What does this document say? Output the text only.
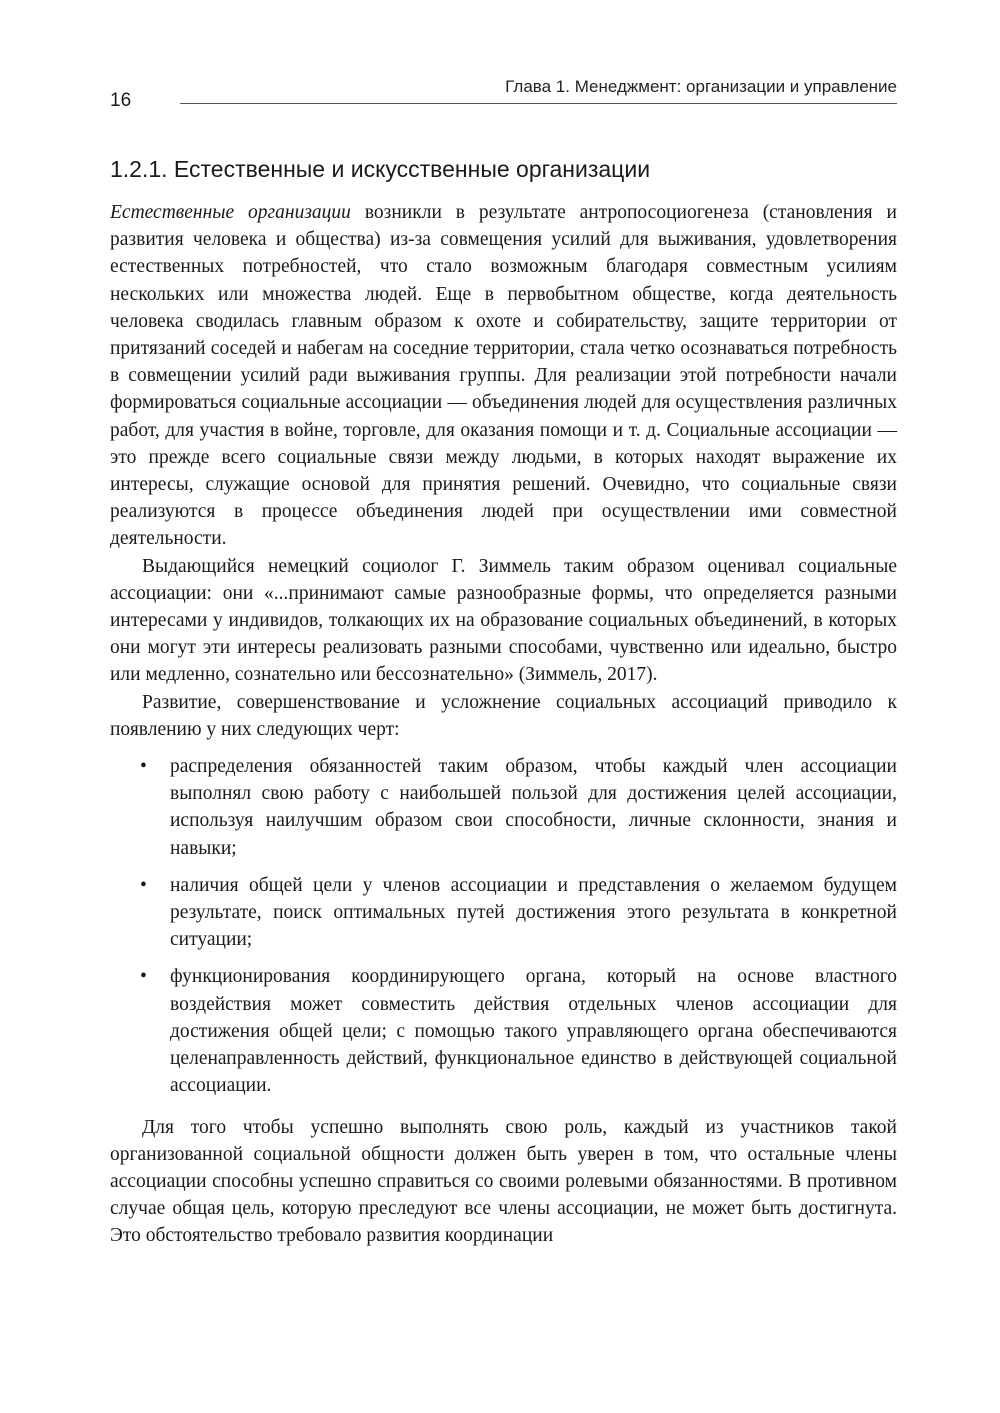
16
Глава 1. Менеджмент: организации и управление
1.2.1. Естественные и искусственные организации

Естественные организации возникли в результате антропосоциогенеза (становления и развития человека и общества) из-за совмещения усилий для выживания, удовлетворения естественных потребностей, что стало возможным благодаря совместным усилиям нескольких или множества людей. Еще в первобытном обществе, когда деятельность человека сводилась главным образом к охоте и собирательству, защите территории от притязаний соседей и набегам на соседние территории, стала четко осознаваться потребность в совмещении усилий ради выживания группы. Для реализации этой потребности начали формироваться социальные ассоциации — объединения людей для осуществления различных работ, для участия в войне, торговле, для оказания помощи и т. д. Социальные ассоциации — это прежде всего социальные связи между людьми, в которых находят выражение их интересы, служащие основой для принятия решений. Очевидно, что социальные связи реализуются в процессе объединения людей при осуществлении ими совместной деятельности.

Выдающийся немецкий социолог Г. Зиммель таким образом оценивал социальные ассоциации: они «...принимают самые разнообразные формы, что определяется разными интересами у индивидов, толкающих их на образование социальных объединений, в которых они могут эти интересы реализовать разными способами, чувственно или идеально, быстро или медленно, сознательно или бессознательно» (Зиммель, 2017).

Развитие, совершенствование и усложнение социальных ассоциаций приводило к появлению у них следующих черт:

• распределения обязанностей таким образом, чтобы каждый член ассоциации выполнял свою работу с наибольшей пользой для достижения целей ассоциации, используя наилучшим образом свои способности, личные склонности, знания и навыки;
• наличия общей цели у членов ассоциации и представления о желаемом будущем результате, поиск оптимальных путей достижения этого результата в конкретной ситуации;
• функционирования координирующего органа, который на основе властного воздействия может совместить действия отдельных членов ассоциации для достижения общей цели; с помощью такого управляющего органа обеспечиваются целенаправленность действий, функциональное единство в действующей социальной ассоциации.

Для того чтобы успешно выполнять свою роль, каждый из участников такой организованной социальной общности должен быть уверен в том, что остальные члены ассоциации способны успешно справиться со своими ролевыми обязанностями. В противном случае общая цель, которую преследуют все члены ассоциации, не может быть достигнута. Это обстоятельство требовало развития координации
